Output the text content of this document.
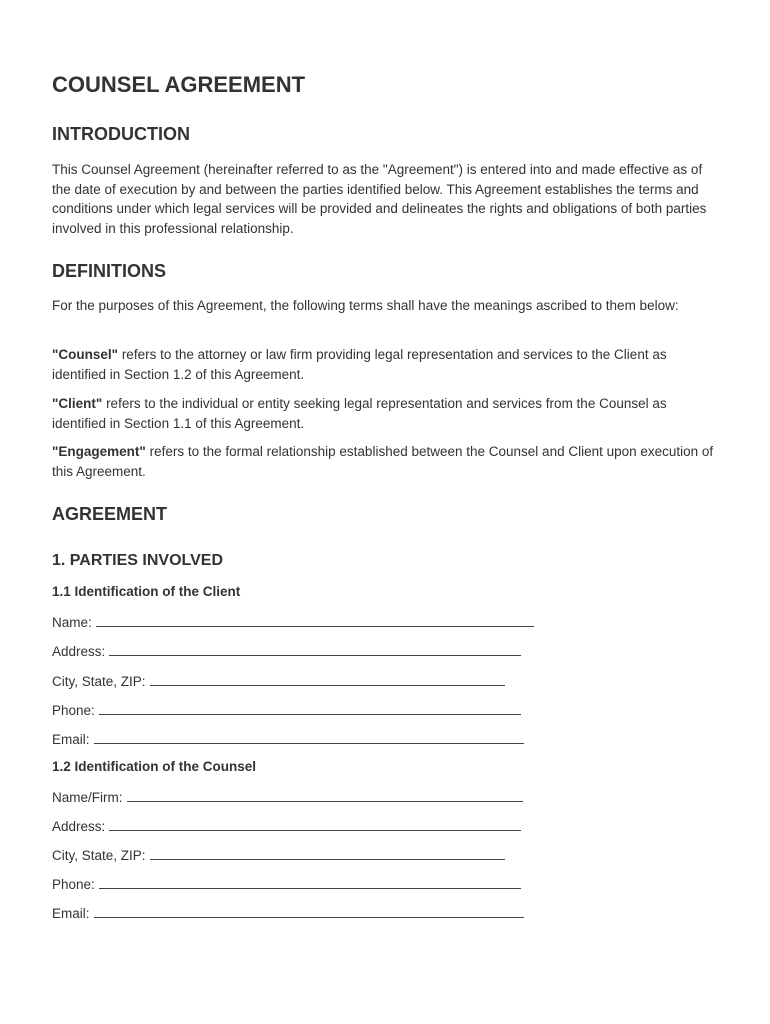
COUNSEL AGREEMENT
INTRODUCTION

This Counsel Agreement (hereinafter referred to as the "Agreement") is entered into and made effective as of the date of execution by and between the parties identified below. This Agreement establishes the terms and conditions under which legal services will be provided and delineates the rights and obligations of both parties involved in this professional relationship.

DEFINITIONS

For the purposes of this Agreement, the following terms shall have the meanings ascribed to them below:

"Counsel" refers to the attorney or law firm providing legal representation and services to the Client as identified in Section 1.2 of this Agreement.

"Client" refers to the individual or entity seeking legal representation and services from the Counsel as identified in Section 1.1 of this Agreement.

"Engagement" refers to the formal relationship established between the Counsel and Client upon execution of this Agreement.

AGREEMENT
1. PARTIES INVOLVED
1.1 Identification of the Client
Name:
Address:
City, State, ZIP:
Phone:
Email:
1.2 Identification of the Counsel
Name/Firm:
Address:
City, State, ZIP:
Phone:
Email:
